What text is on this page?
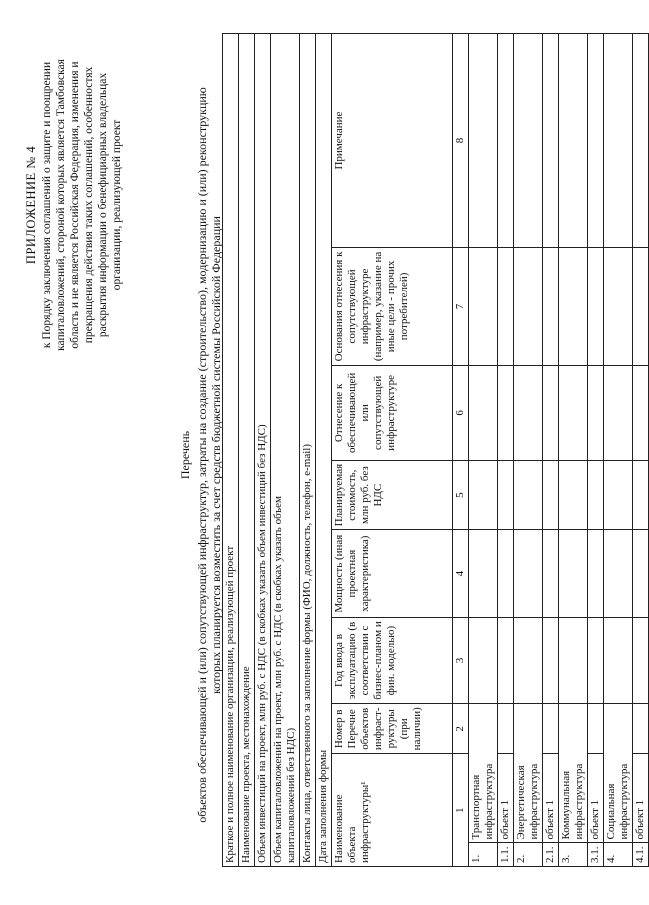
ПРИЛОЖЕНИЕ № 4 к Порядку заключения соглашений о защите и поощрении капиталовложений, стороной которых является Тамбовская область и не является Российская Федерация, изменения и прекращения действия таких соглашений, особенностях раскрытия информации о бенефициарных владельцах организации, реализующей проект
Перечень объектов обеспечивающей и (или) сопутствующей инфраструктур, затраты на создание (строительство), модернизацию и (или) реконструкцию которых планируется возместить за счет средств бюджетной системы Российской Федерации
Краткое и полное наименование организации, реализующей проект								
Наименование проекта, местонахождение								
Объем инвестиций на проект, млн руб. с НДС (в скобках указать объем инвестиций без НДС)								

Объем капиталовложений на проект, млн руб. с НДС (в скобках указать объем капиталовложений без НДС)								

Контакты лица, ответственного за заполнение формы (ФИО, должность, телефон, e-mail)								
Дата заполнения формы								
Наименование объекта инфраструктуры¹		Номер в Перечне объектов инфраст-руктуры (при наличии)	Год ввода в эксплуатацию (в соответствии с бизнес-планом и фин. моделью)	Мощность (иная проектная характеристика)	Планируемая стоимость, млн руб. без НДС	Отнесение к обеспечивающей или сопутствующей инфраструктуре	Основания отнесения к сопутствующей инфраструктуре (например, указание на иные цели - прочих потребителей)	Примечание
1		2	3	4	5	6	7	8
1.	Транспортная инфраструктура							
1.1.	объект 1							
2.	Энергетическая инфраструктура							
2.1.	объект 1							
3.	Коммунальная инфраструктура							
3.1.	объект 1							
4.	Социальная инфраструктура							
4.1.	объект 1							
